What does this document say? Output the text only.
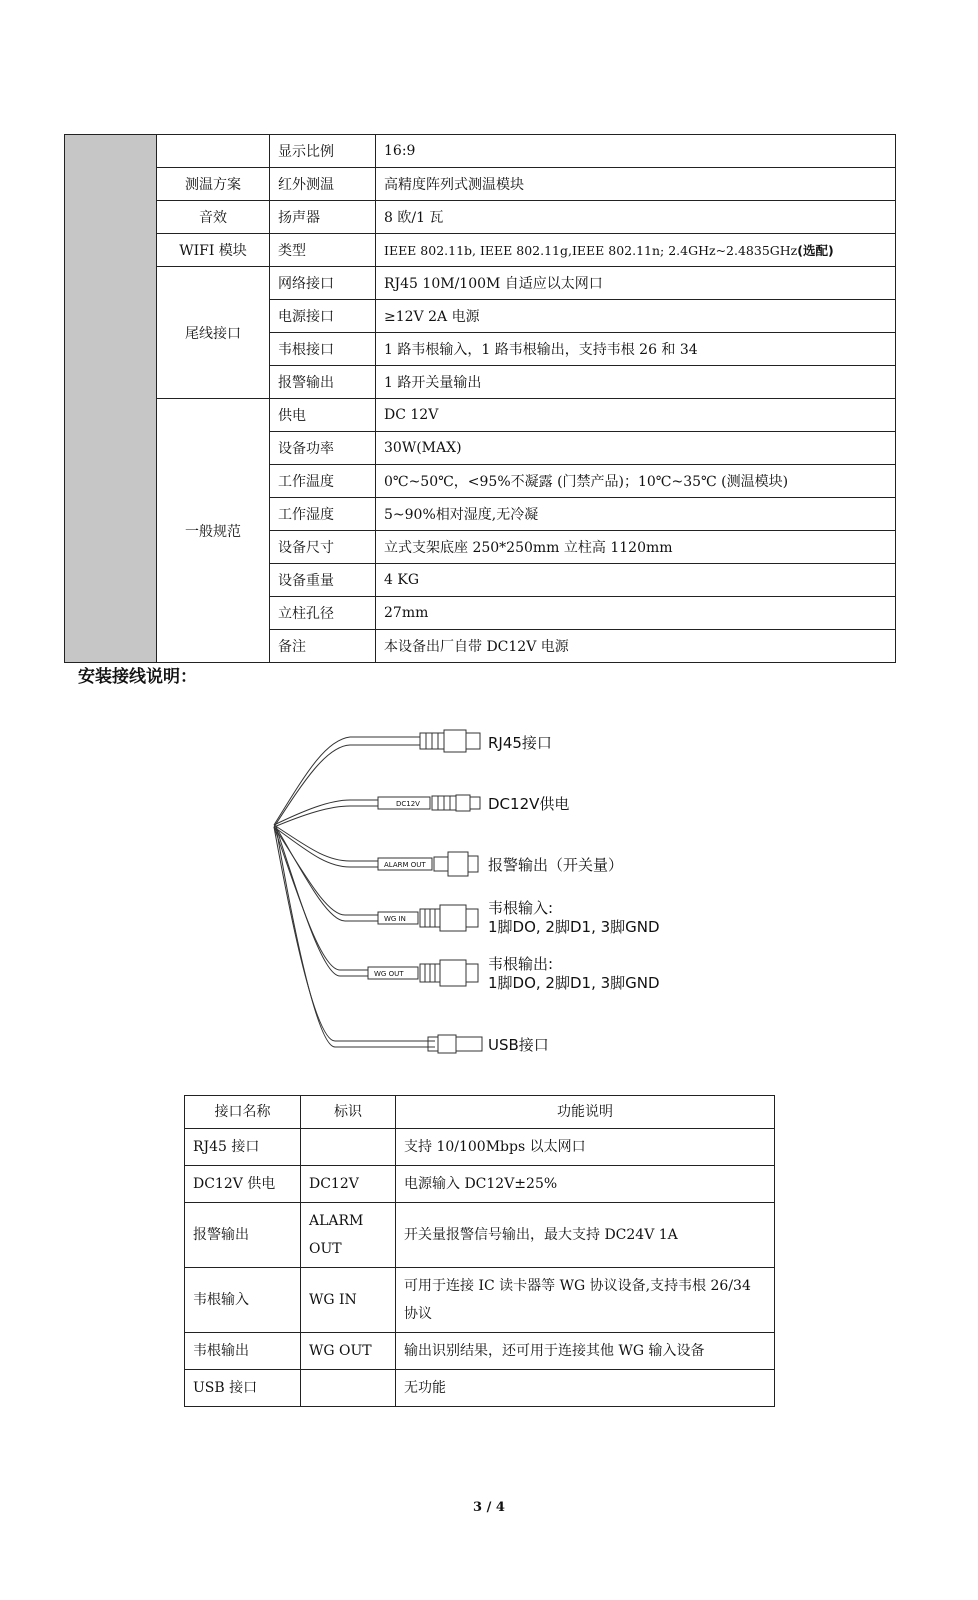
		显示比例	16:9
	测温方案	红外测温	高精度阵列式测温模块
	音效	扬声器	8 欧/1 瓦
	WIFI 模块	类型	IEEE 802.11b, IEEE 802.11g,IEEE 802.11n; 2.4GHz~2.4835GHz(选配)
	尾线接口	网络接口	RJ45 10M/100M 自适应以太网口
		电源接口	≥12V 2A 电源
		韦根接口	1 路韦根输入，1 路韦根输出，支持韦根 26 和 34
		报警输出	1 路开关量输出
	一般规范	供电	DC 12V
		设备功率	30W(MAX)
		工作温度	0℃~50℃，<95%不凝露 (门禁产品)；10℃~35℃ (测温模块)
		工作湿度	5~90%相对湿度,无冷凝
		设备尺寸	立式支架底座 250*250mm 立柱高 1120mm
		设备重量	4 KG
		立柱孔径	27mm
		备注	本设备出厂自带 DC12V 电源
安装接线说明：
DC12V
ALARM OUT
WG IN
WG OUT
RJ45接口
DC12V供电
报警输出（开关量）
韦根输入:
1脚DO, 2脚D1, 3脚GND
韦根输出:
1脚DO, 2脚D1, 3脚GND
USB接口
接口名称	标识	功能说明
RJ45 接口		支持 10/100Mbps 以太网口
DC12V 供电	DC12V	电源输入 DC12V±25%
报警输出	ALARM OUT	开关量报警信号输出，最大支持 DC24V 1A
韦根输入	WG IN	可用于连接 IC 读卡器等 WG 协议设备,支持韦根 26/34 协议
韦根输出	WG OUT	输出识别结果，还可用于连接其他 WG 输入设备
USB 接口		无功能
3 / 4
